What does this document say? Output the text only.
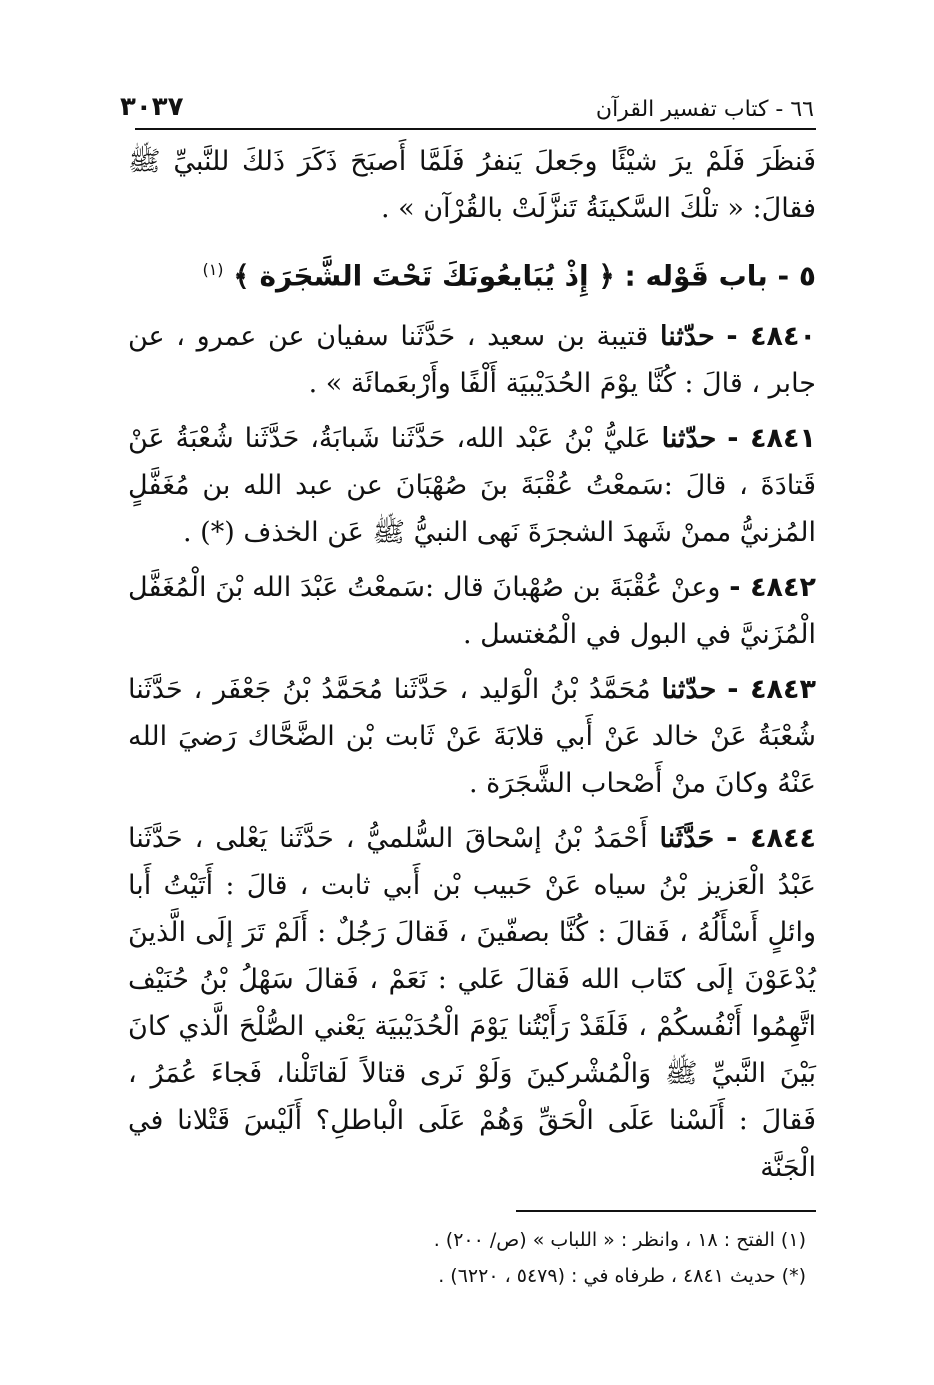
٦٦ - كتاب تفسير القرآن
٣٠٣٧

فَنظَرَ فَلَمْ يرَ شيْئًا وجَعلَ يَنفرُ فَلَمَّا أَصبَحَ ذَكَرَ ذَلكَ للنَّبيِّ ﷺ فقالَ: « تلْكَ السَّكينَةُ تَنزَّلَتْ بالقُرْآن » .

٥ - باب قَوْله : ﴿ إِذْ يُبَايعُونَكَ تَحْتَ الشَّجَرَة ﴾ $^{(١)}$

٤٨٤٠ - حدّثنا قتيبة بن سعيد ، حَدَّثَنا سفيان عن عمرو ، عن جابر ، قالَ : كُنَّا يوْمَ الحُدَيْبيَة أَلْفًا وأَرْبعَمائَة » .

٤٨٤١ - حدّثنا عَليُّ بْنُ عَبْد الله، حَدَّثَنا شَبابَةُ، حَدَّثَنا شُعْبَةُ عَنْ قَتادَةَ ، قالَ :سَمعْتُ عُقْبَةَ بنَ صُهْبَانَ عن عبد الله بن مُغَفَّلٍ المُزنيُّ ممنْ شَهدَ الشجرَةَ نَهى النبيُّ ﷺ عَن الخذف (*) .

٤٨٤٢ - وعنْ عُقْبَةَ بن صُهْبانَ قال :سَمعْتُ عَبْدَ الله بْنَ الْمُغَفَّل الْمُزَنيَّ في البول في الْمُغتسل .

٤٨٤٣ - حدّثنا مُحَمَّدُ بْنُ الْوَليد ، حَدَّثَنا مُحَمَّدُ بْنُ جَعْفَر ، حَدَّثَنا شُعْبَةُ عَنْ خالد عَنْ أَبي قلابَةَ عَنْ ثَابت بْن الضَّحَّاك رَضيَ الله عَنْهُ وكانَ منْ أَصْحاب الشَّجَرَة .

٤٨٤٤ - حَدَّثَنا أَحْمَدُ بْنُ إسْحاقَ السُّلميُّ ، حَدَّثَنا يَعْلى ، حَدَّثَنا عَبْدُ الْعَزيز بْنُ سياه عَنْ حَبيب بْن أَبي ثابت ، قالَ : أَتَيْتُ أَبا وائلٍ أَسْأَلُهُ ، فَقالَ : كُنَّا بصفّينَ ، فَقالَ رَجُلٌ : أَلَمْ تَرَ إلَى الَّذينَ يُدْعَوْنَ إلَى كتَاب الله فَقالَ عَلي : نَعَمْ ، فَقالَ سَهْلُ بْنُ حُنَيْف اتَّهِمُوا أَنْفُسكُمْ ، فَلَقَدْ رَأَيْتُنا يَوْمَ الْحُدَيْبيَة يَعْني الصُّلْحَ الَّذي كانَ بَيْنَ النَّبيِّ ﷺ وَالْمُشْركينَ وَلَوْ نَرى قتالاً لَقاتَلْنا، فَجاءَ عُمَرُ ، فَقالَ : أَلَسْنا عَلَى الْحَقِّ وَهُمْ عَلَى الْباطلِ؟ أَلَيْسَ قَتْلانا في الْجَنَّة

(١) الفتح : ١٨ ، وانظر : « اللباب » (ص/ ٢٠٠) .
(*) حديث ٤٨٤١ ، طرفاه في : (٥٤٧٩ ، ٦٢٢٠) .
